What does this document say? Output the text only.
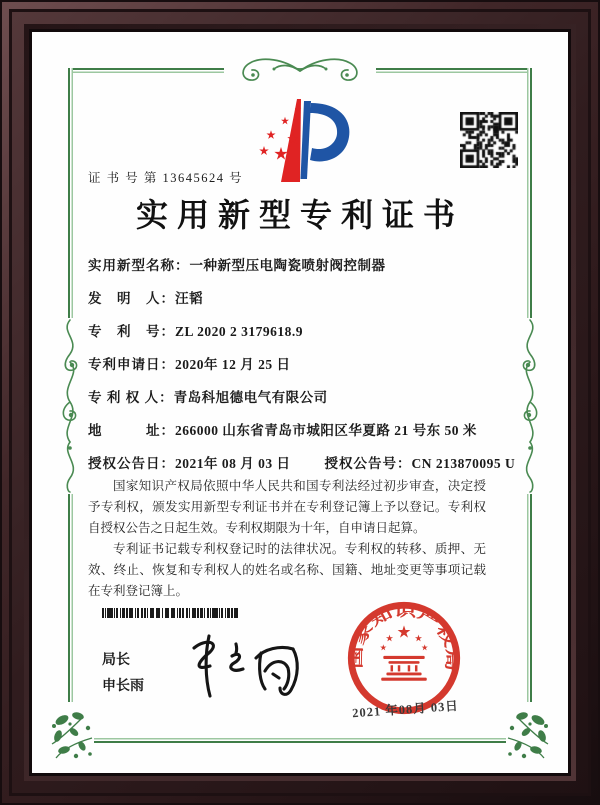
证 书 号 第 13645624 号
实用新型专利证书
实用新型名称：一种新型压电陶瓷喷射阀控制器
发　明　人：汪韬
专　利　号：ZL 2020 2 3179618.9
专利申请日：2020年 12 月 25 日
专 利 权 人：青岛科旭德电气有限公司
地　　　址：266000 山东省青岛市城阳区华夏路 21 号东 50 米
授权公告日：2021年 08 月 03 日	授权公告号：CN 213870095 U

国家知识产权局依照中华人民共和国专利法经过初步审查，决定授予专利权，颁发实用新型专利证书并在专利登记簿上予以登记。专利权自授权公告之日起生效。专利权期限为十年，自申请日起算。

专利证书记载专利权登记时的法律状况。专利权的转移、质押、无效、终止、恢复和专利权人的姓名或名称、国籍、地址变更等事项记载在专利登记簿上。

局长
申长雨
国家知识产权局
2021 年08月 03日
